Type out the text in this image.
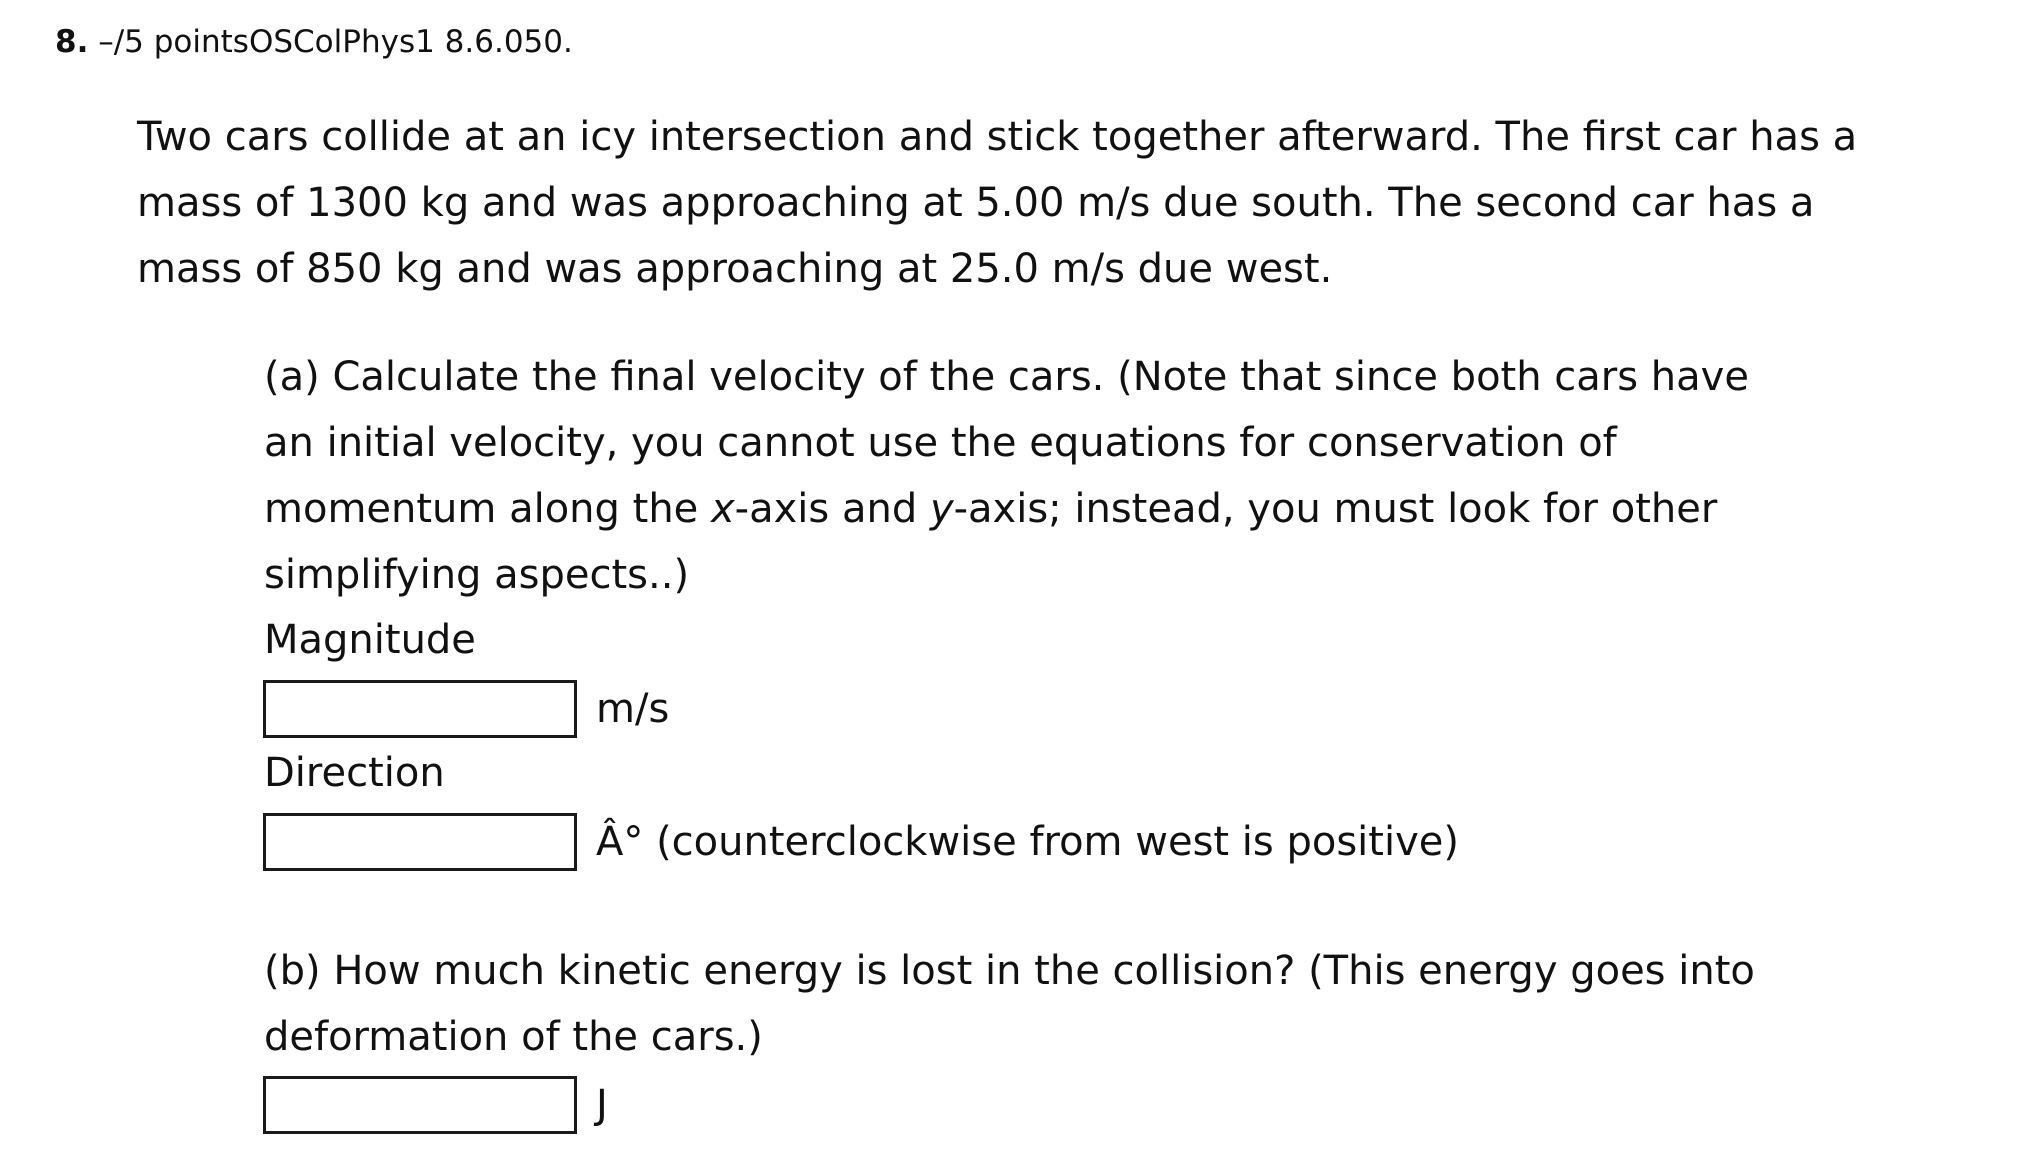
8. –/5 pointsOSColPhys1 8.6.050.

Two cars collide at an icy intersection and stick together afterward. The first car has a

mass of 1300 kg and was approaching at 5.00 m/s due south. The second car has a

mass of 850 kg and was approaching at 25.0 m/s due west.

(a) Calculate the final velocity of the cars. (Note that since both cars have

an initial velocity, you cannot use the equations for conservation of

momentum along the x-axis and y-axis; instead, you must look for other

simplifying aspects..)

Magnitude
m/s
Direction
Â° (counterclockwise from west is positive)

(b) How much kinetic energy is lost in the collision? (This energy goes into

deformation of the cars.)

J
